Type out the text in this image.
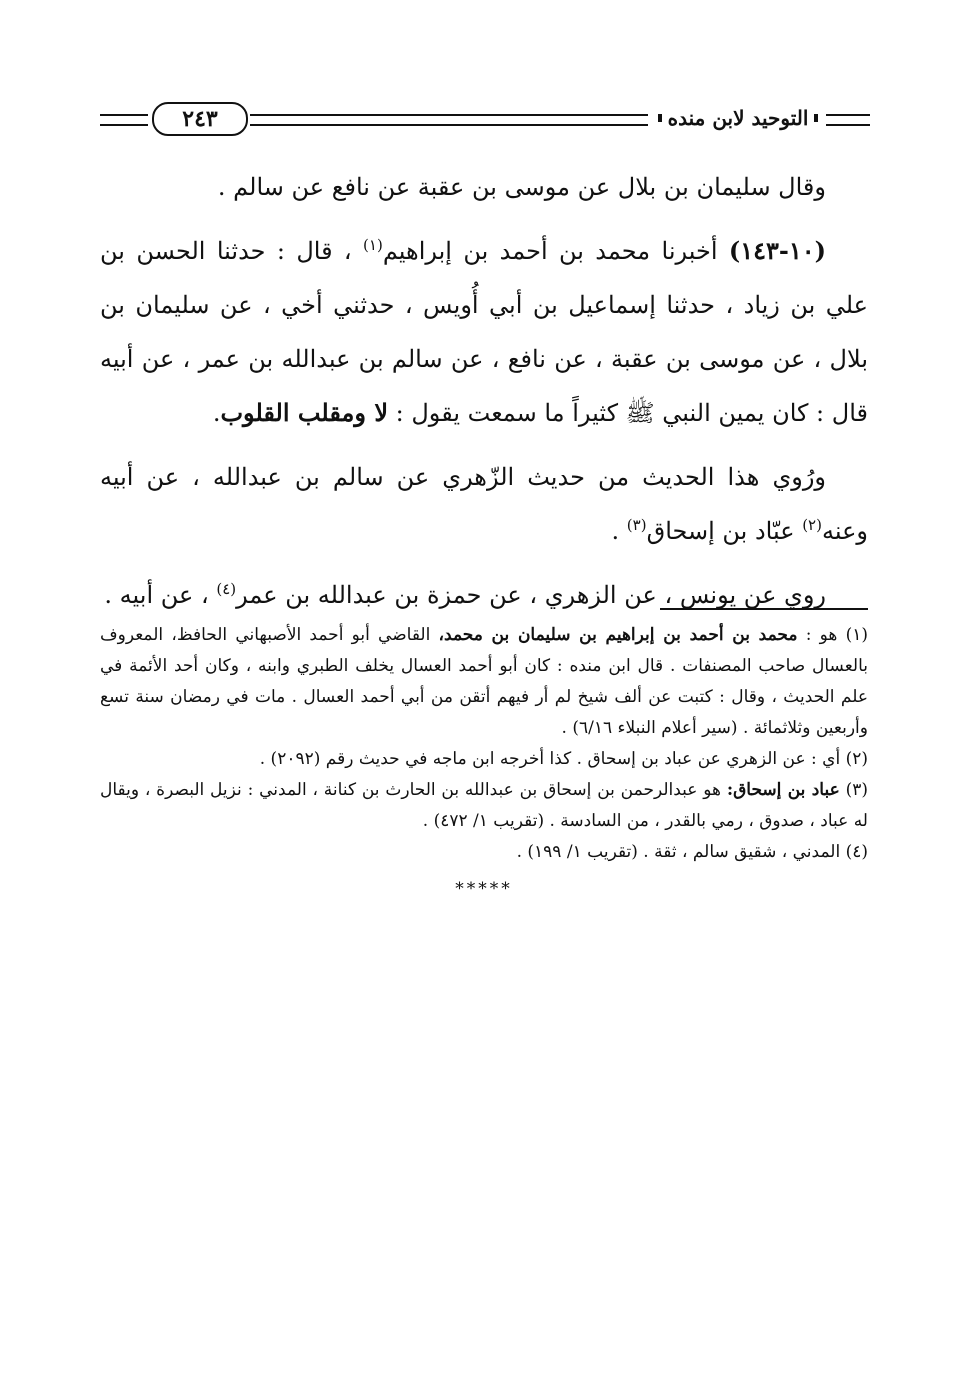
٢٤٣	التوحيد لابن منده

وقال سليمان بن بلال عن موسى بن عقبة عن نافع عن سالم .

(١٠-١٤٣) أخبرنا محمد بن أحمد بن إبراهيم$^{(١)}$ ، قال : حدثنا الحسن بن علي بن زياد ، حدثنا إسماعيل بن أبي أُويس ، حدثني أخي ، عن سليمان بن بلال ، عن موسى بن عقبة ، عن نافع ، عن سالم بن عبدالله بن عمر ، عن أبيه قال : كان يمين النبي ﷺ كثيراً ما سمعت يقول : لا ومقلب القلوب.

ورُوي هذا الحديث من حديث الزّهري عن سالم بن عبدالله ، عن أبيه وعنه$^{(٢)}$ عبّاد بن إسحاق$^{(٣)}$ .

روي عن يونس ، عن الزهري ، عن حمزة بن عبدالله بن عمر$^{(٤)}$ ، عن أبيه .

(١) هو : محمد بن أحمد بن إبراهيم بن سليمان بن محمد، القاضي أبو أحمد الأصبهاني الحافظ، المعروف بالعسال صاحب المصنفات . قال ابن منده : كان أبو أحمد العسال يخلف الطبري وابنه ، وكان أحد الأئمة في علم الحديث ، وقال : كتبت عن ألف شيخ لم أر فيهم أتقن من أبي أحمد العسال . مات في رمضان سنة تسع وأربعين وثلاثمائة . (سير أعلام النبلاء ٦/١٦) .

(٢) أي : عن الزهري عن عباد بن إسحاق . كذا أخرجه ابن ماجه في حديث رقم (٢٠٩٢) .

(٣) عباد بن إسحاق: هو عبدالرحمن بن إسحاق بن عبدالله بن الحارث بن كنانة ، المدني : نزيل البصرة ، ويقال له عباد ، صدوق ، رمي بالقدر ، من السادسة . (تقريب ١/ ٤٧٢) .

(٤) المدني ، شقيق سالم ، ثقة . (تقريب ١/ ١٩٩) .

*****
